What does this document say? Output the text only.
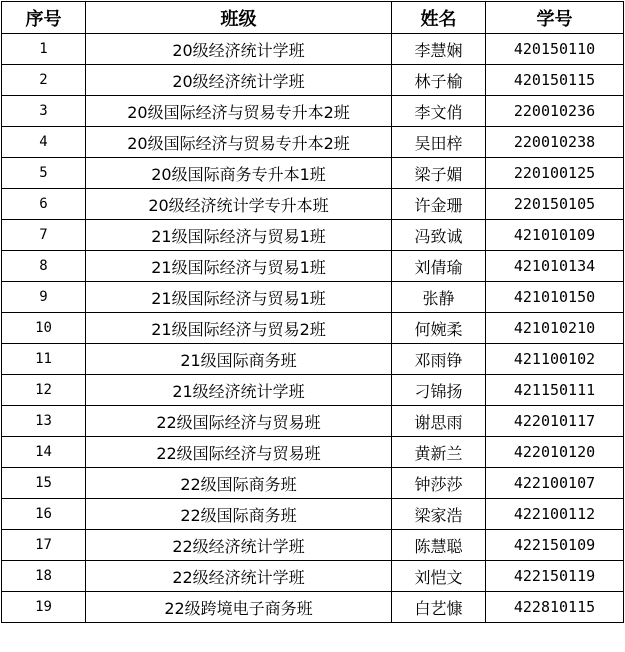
序号	班级	姓名	学号
1	20级经济统计学班	李慧娴	420150110
2	20级经济统计学班	林子榆	420150115
3	20级国际经济与贸易专升本2班	李文俏	220010236
4	20级国际经济与贸易专升本2班	吴田梓	220010238
5	20级国际商务专升本1班	梁子媚	220100125
6	20级经济统计学专升本班	许金珊	220150105
7	21级国际经济与贸易1班	冯致诚	421010109
8	21级国际经济与贸易1班	刘倩瑜	421010134
9	21级国际经济与贸易1班	张静	421010150
10	21级国际经济与贸易2班	何婉柔	421010210
11	21级国际商务班	邓雨铮	421100102
12	21级经济统计学班	刁锦扬	421150111
13	22级国际经济与贸易班	谢思雨	422010117
14	22级国际经济与贸易班	黄新兰	422010120
15	22级国际商务班	钟莎莎	422100107
16	22级国际商务班	梁家浩	422100112
17	22级经济统计学班	陈慧聪	422150109
18	22级经济统计学班	刘恺文	422150119
19	22级跨境电子商务班	白艺慷	422810115
